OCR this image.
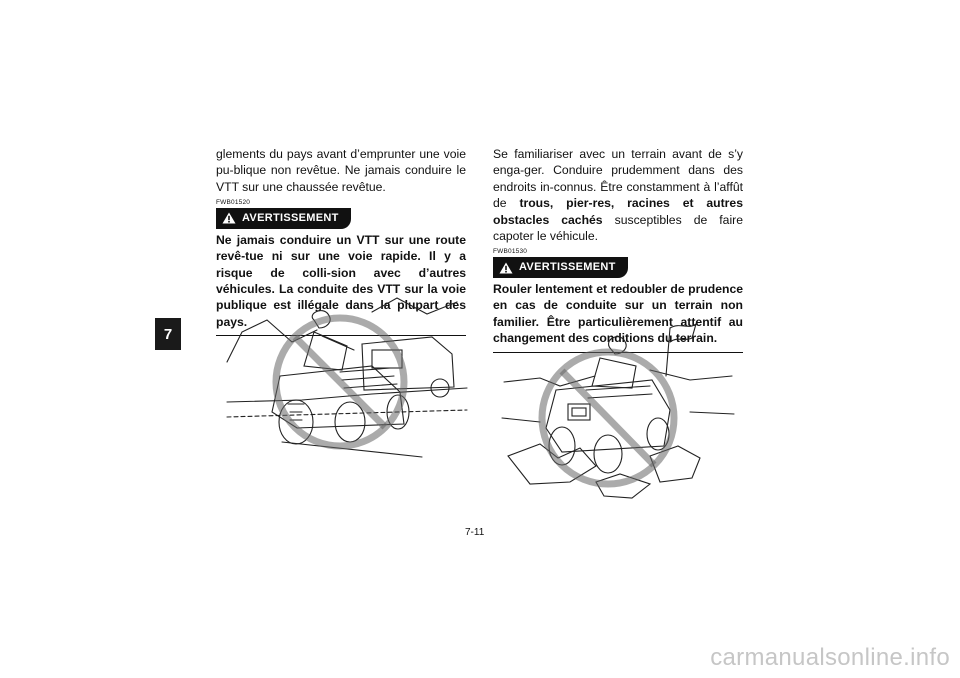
7

glements du pays avant d’emprunter une voie pu-blique non revêtue. Ne jamais conduire le VTT sur une chaussée revêtue.

FWB01520
AVERTISSEMENT

Ne jamais conduire un VTT sur une route revê-tue ni sur une voie rapide. Il y a risque de colli-sion avec d’autres véhicules. La conduite des VTT sur la voie publique est illégale dans la plupart des pays.

Se familiariser avec un terrain avant de s’y enga-ger. Conduire prudemment dans des endroits in-connus. Être constamment à l’affût de trous, pier-res, racines et autres obstacles cachés susceptibles de faire capoter le véhicule.

FWB01530
AVERTISSEMENT

Rouler lentement et redoubler de prudence en cas de conduite sur un terrain non familier. Être particulièrement attentif au changement des conditions du terrain.

7-11
carmanualsonline.info
